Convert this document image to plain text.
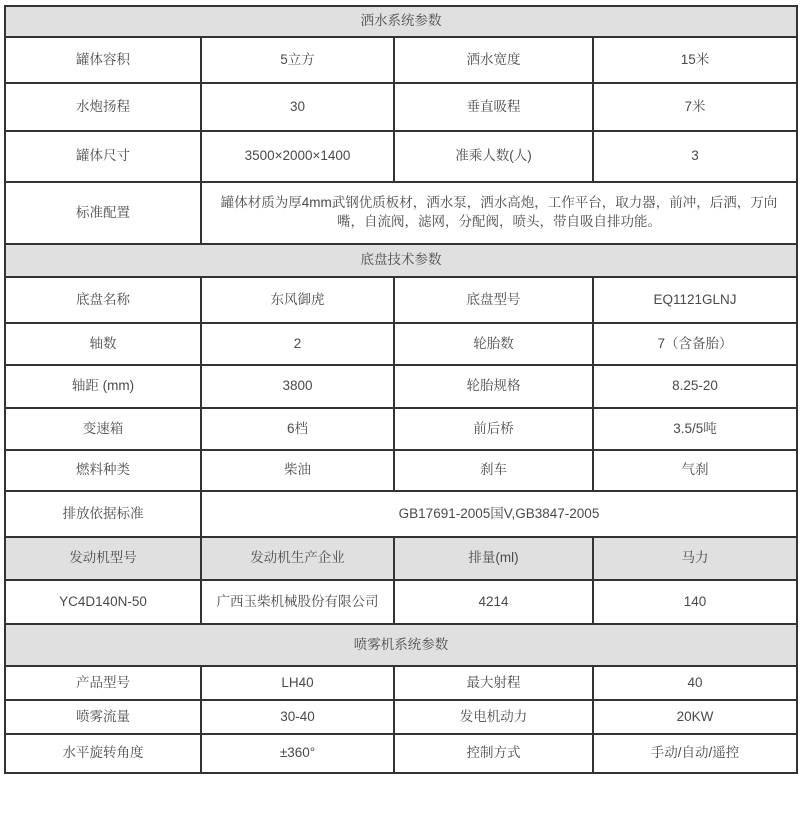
洒水系统参数			
罐体容积	5立方	洒水宽度	15米
水炮扬程	30	垂直吸程	7米
罐体尺寸	3500×2000×1400	准乘人数(人)	3
标准配置	罐体材质为厚4mm武钢优质板材，洒水泵，洒水高炮，工作平台，取力器，前冲，后洒，万向嘴，自流阀，滤网，分配阀，喷头，带自吸自排功能。		
底盘技术参数			
底盘名称	东风御虎	底盘型号	EQ1121GLNJ
轴数	2	轮胎数	7（含备胎）
轴距 (mm)	3800	轮胎规格	8.25-20
变速箱	6档	前后桥	3.5/5吨
燃料种类	柴油	刹车	气刹
排放依据标准	GB17691-2005国V,GB3847-2005		
发动机型号	发动机生产企业	排量(ml)	马力
YC4D140N-50	广西玉柴机械股份有限公司	4214	140
喷雾机系统参数			
产品型号	LH40	最大射程	40
喷雾流量	30-40	发电机动力	20KW
水平旋转角度	±360°	控制方式	手动/自动/遥控
